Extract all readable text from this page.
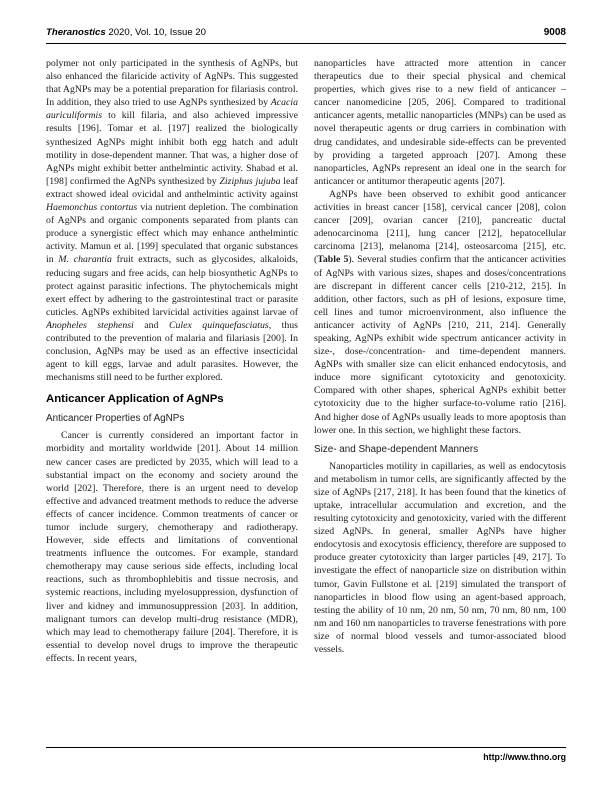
Theranostics 2020, Vol. 10, Issue 20	9008

polymer not only participated in the synthesis of AgNPs, but also enhanced the filaricide activity of AgNPs. This suggested that AgNPs may be a potential preparation for filariasis control. In addition, they also tried to use AgNPs synthesized by Acacia auriculiformis to kill filaria, and also achieved impressive results [196]. Tomar et al. [197] realized the biologically synthesized AgNPs might inhibit both egg hatch and adult motility in dose-dependent manner. That was, a higher dose of AgNPs might exhibit better anthelmintic activity. Shabad et al. [198] confirmed the AgNPs synthesized by Ziziphus jujuba leaf extract showed ideal ovicidal and anthelmintic activity against Haemonchus contortus via nutrient depletion. The combination of AgNPs and organic components separated from plants can produce a synergistic effect which may enhance anthelmintic activity. Mamun et al. [199] speculated that organic substances in M. charantia fruit extracts, such as glycosides, alkaloids, reducing sugars and free acids, can help biosynthetic AgNPs to protect against parasitic infections. The phytochemicals might exert effect by adhering to the gastrointestinal tract or parasite cuticles. AgNPs exhibited larvicidal activities against larvae of Anopheles stephensi and Culex quinquefasciatus, thus contributed to the prevention of malaria and filariasis [200]. In conclusion, AgNPs may be used as an effective insecticidal agent to kill eggs, larvae and adult parasites. However, the mechanisms still need to be further explored.

Anticancer Application of AgNPs
Anticancer Properties of AgNPs

Cancer is currently considered an important factor in morbidity and mortality worldwide [201]. About 14 million new cancer cases are predicted by 2035, which will lead to a substantial impact on the economy and society around the world [202]. Therefore, there is an urgent need to develop effective and advanced treatment methods to reduce the adverse effects of cancer incidence. Common treatments of cancer or tumor include surgery, chemotherapy and radiotherapy. However, side effects and limitations of conventional treatments influence the outcomes. For example, standard chemotherapy may cause serious side effects, including local reactions, such as thrombophlebitis and tissue necrosis, and systemic reactions, including myelosuppression, dysfunction of liver and kidney and immunosuppression [203]. In addition, malignant tumors can develop multi-drug resistance (MDR), which may lead to chemotherapy failure [204]. Therefore, it is essential to develop novel drugs to improve the therapeutic effects. In recent years,

nanoparticles have attracted more attention in cancer therapeutics due to their special physical and chemical properties, which gives rise to a new field of anticancer – cancer nanomedicine [205, 206]. Compared to traditional anticancer agents, metallic nanoparticles (MNPs) can be used as novel therapeutic agents or drug carriers in combination with drug candidates, and undesirable side-effects can be prevented by providing a targeted approach [207]. Among these nanoparticles, AgNPs represent an ideal one in the search for anticancer or antitumor therapeutic agents [207].

AgNPs have been observed to exhibit good anticancer activities in breast cancer [158], cervical cancer [208], colon cancer [209], ovarian cancer [210], pancreatic ductal adenocarcinoma [211], lung cancer [212], hepatocellular carcinoma [213], melanoma [214], osteosarcoma [215], etc. (Table 5). Several studies confirm that the anticancer activities of AgNPs with various sizes, shapes and doses/concentrations are discrepant in different cancer cells [210-212, 215]. In addition, other factors, such as pH of lesions, exposure time, cell lines and tumor microenvironment, also influence the anticancer activity of AgNPs [210, 211, 214]. Generally speaking, AgNPs exhibit wide spectrum anticancer activity in size-, dose-/concentration- and time-dependent manners. AgNPs with smaller size can elicit enhanced endocytosis, and induce more significant cytotoxicity and genotoxicity. Compared with other shapes, spherical AgNPs exhibit better cytotoxicity due to the higher surface-to-volume ratio [216]. And higher dose of AgNPs usually leads to more apoptosis than lower one. In this section, we highlight these factors.

Size- and Shape-dependent Manners

Nanoparticles motility in capillaries, as well as endocytosis and metabolism in tumor cells, are significantly affected by the size of AgNPs [217, 218]. It has been found that the kinetics of uptake, intracellular accumulation and excretion, and the resulting cytotoxicity and genotoxicity, varied with the different sized AgNPs. In general, smaller AgNPs have higher endocytosis and exocytosis efficiency, therefore are supposed to produce greater cytotoxicity than larger particles [49, 217]. To investigate the effect of nanoparticle size on distribution within tumor, Gavin Fullstone et al. [219] simulated the transport of nanoparticles in blood flow using an agent-based approach, testing the ability of 10 nm, 20 nm, 50 nm, 70 nm, 80 nm, 100 nm and 160 nm nanoparticles to traverse fenestrations with pore size of normal blood vessels and tumor-associated blood vessels.

http://www.thno.org
